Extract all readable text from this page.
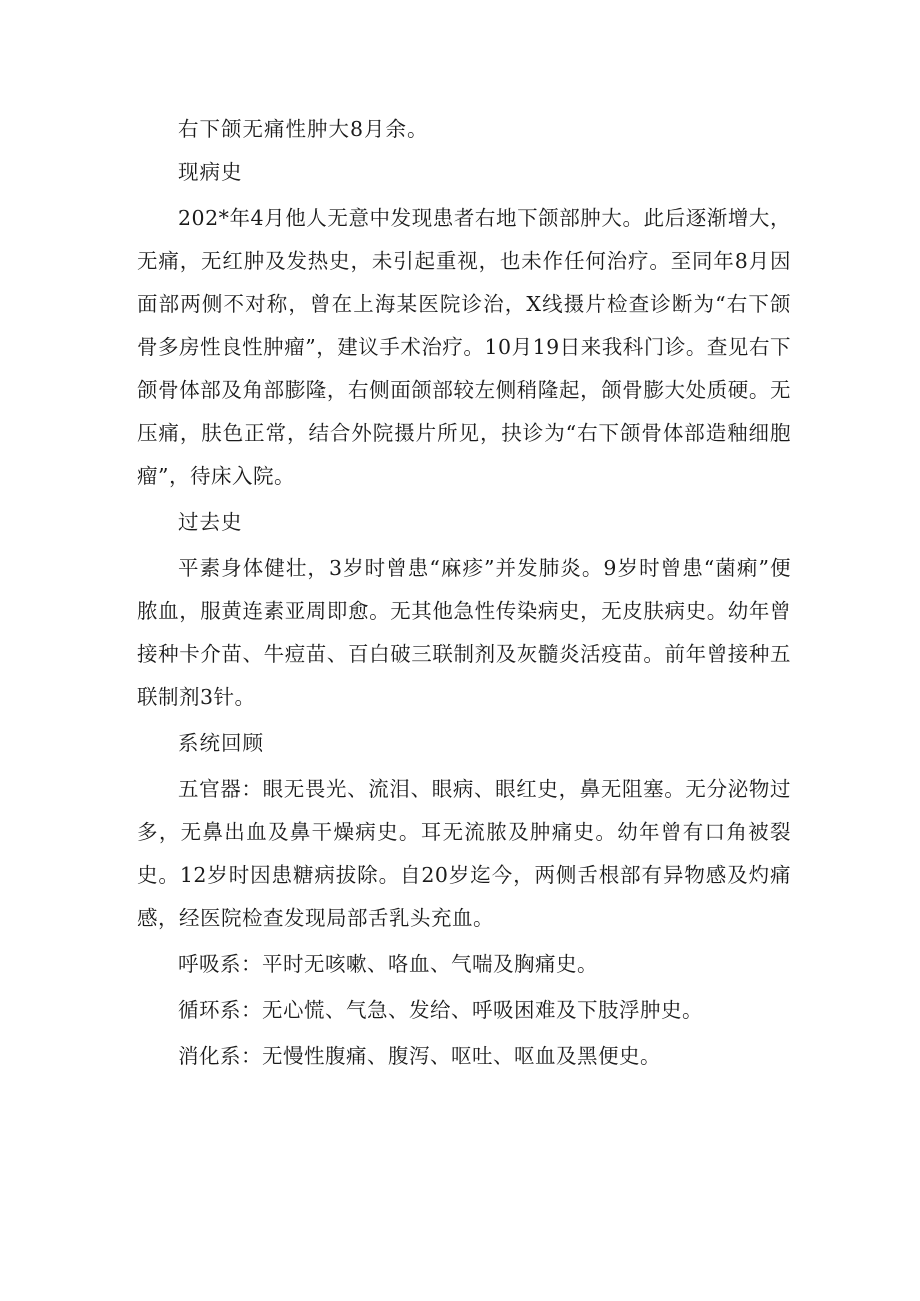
右下颌无痛性肿大8月余。

现病史

202*年4月他人无意中发现患者右地下颌部肿大。此后逐渐增大，无痛，无红肿及发热史，未引起重视，也未作任何治疗。至同年8月因面部两侧不对称，曾在上海某医院诊治，X线摄片检查诊断为“右下颌骨多房性良性肿瘤”，建议手术治疗。10月19日来我科门诊。查见右下颌骨体部及角部膨隆，右侧面颌部较左侧稍隆起，颌骨膨大处质硬。无压痛，肤色正常，结合外院摄片所见，抉诊为“右下颌骨体部造釉细胞瘤”，待床入院。

过去史

平素身体健壮，3岁时曾患“麻疹”并发肺炎。9岁时曾患“菌痢”便脓血，服黄连素亚周即愈。无其他急性传染病史，无皮肤病史。幼年曾接种卡介苗、牛痘苗、百白破三联制剂及灰髓炎活疫苗。前年曾接种五联制剂3针。

系统回顾

五官器：眼无畏光、流泪、眼病、眼红史，鼻无阻塞。无分泌物过多，无鼻出血及鼻干燥病史。耳无流脓及肿痛史。幼年曾有口角被裂史。12岁时因患糖病拔除。自20岁迄今，两侧舌根部有异物感及灼痛感，经医院检查发现局部舌乳头充血。

呼吸系：平时无咳嗽、咯血、气喘及胸痛史。

循环系：无心慌、气急、发给、呼吸困难及下肢浮肿史。

消化系：无慢性腹痛、腹泻、呕吐、呕血及黑便史。
